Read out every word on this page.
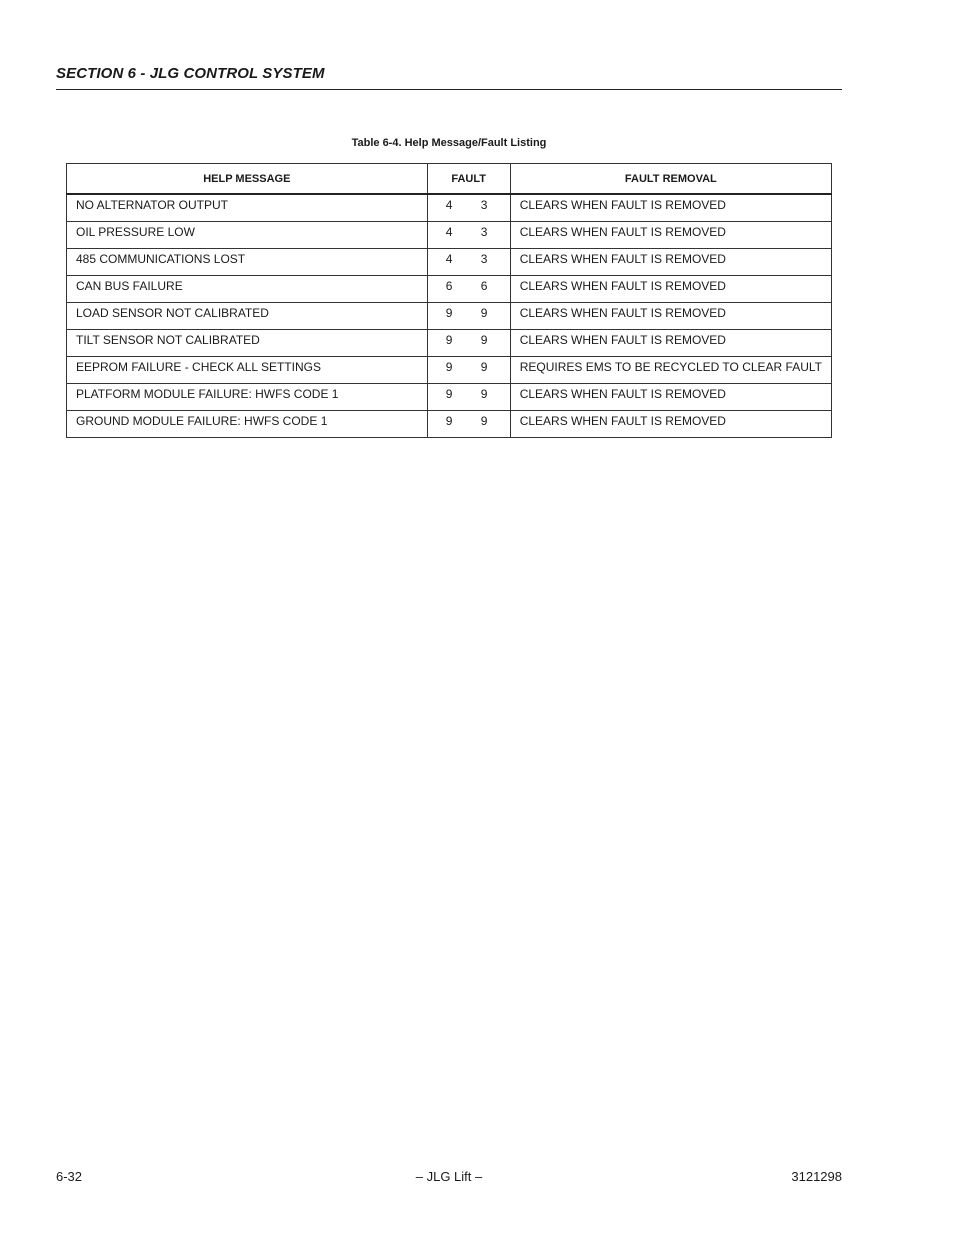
SECTION 6 - JLG CONTROL SYSTEM
Table 6-4. Help Message/Fault Listing
HELP MESSAGE	FAULT	FAULT REMOVAL
NO ALTERNATOR OUTPUT	4 3	CLEARS WHEN FAULT IS REMOVED
OIL PRESSURE LOW	4 3	CLEARS WHEN FAULT IS REMOVED
485 COMMUNICATIONS LOST	4 3	CLEARS WHEN FAULT IS REMOVED
CAN BUS FAILURE	6 6	CLEARS WHEN FAULT IS REMOVED
LOAD SENSOR NOT CALIBRATED	9 9	CLEARS WHEN FAULT IS REMOVED
TILT SENSOR NOT CALIBRATED	9 9	CLEARS WHEN FAULT IS REMOVED
EEPROM FAILURE - CHECK ALL SETTINGS	9 9	REQUIRES EMS TO BE RECYCLED TO CLEAR FAULT
PLATFORM MODULE FAILURE: HWFS CODE 1	9 9	CLEARS WHEN FAULT IS REMOVED
GROUND MODULE FAILURE: HWFS CODE 1	9 9	CLEARS WHEN FAULT IS REMOVED
6-32	– JLG Lift –	3121298
